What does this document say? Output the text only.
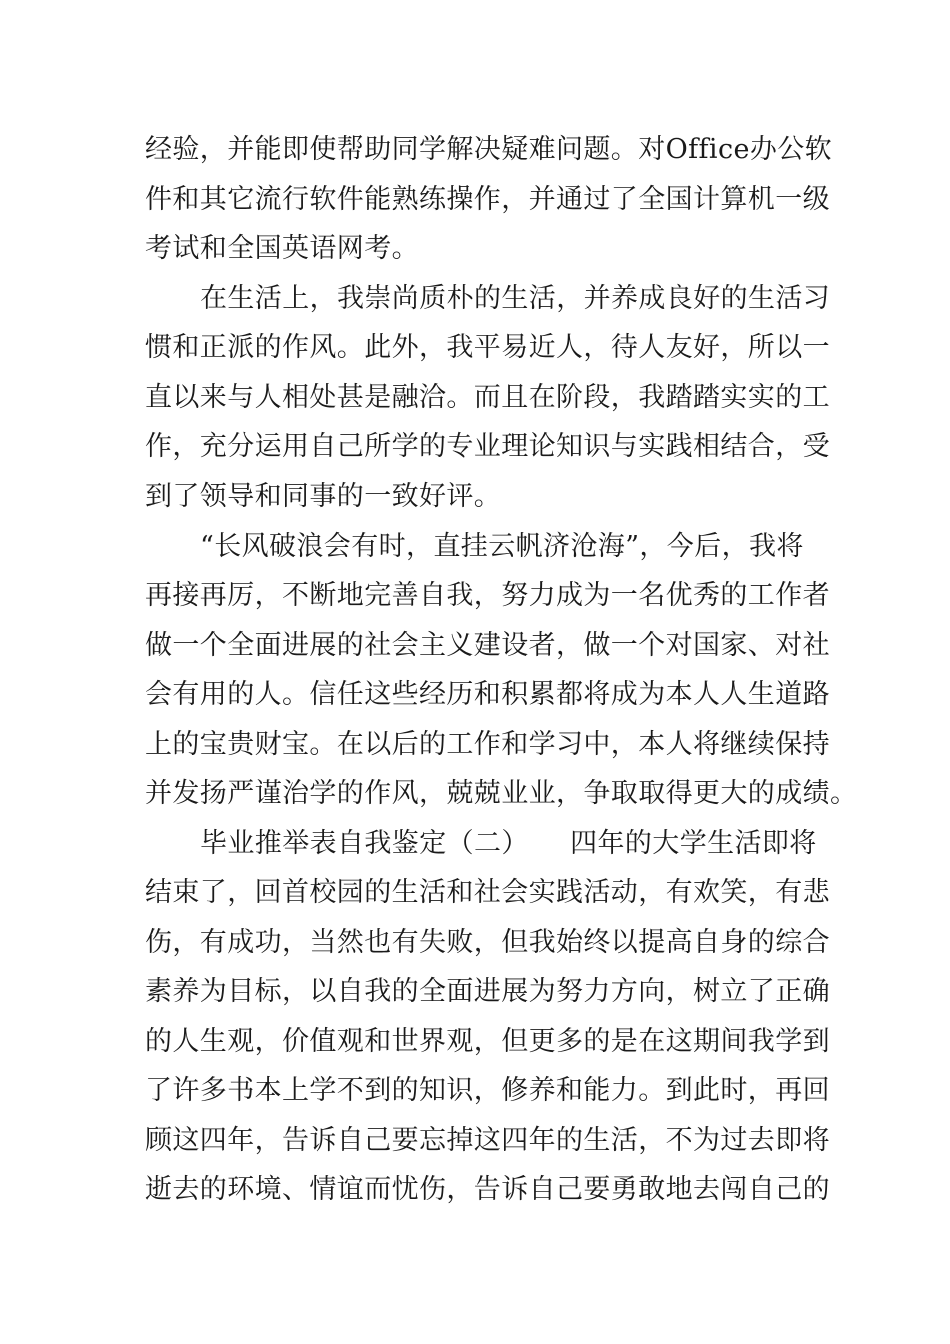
经验，并能即使帮助同学解决疑难问题。对Office办公软
件和其它流行软件能熟练操作，并通过了全国计算机一级
考试和全国英语网考。
在生活上，我崇尚质朴的生活，并养成良好的生活习
惯和正派的作风。此外，我平易近人，待人友好，所以一
直以来与人相处甚是融洽。而且在阶段，我踏踏实实的工
作，充分运用自己所学的专业理论知识与实践相结合，受
到了领导和同事的一致好评。
“长风破浪会有时，直挂云帆济沧海”，今后，我将
再接再厉，不断地完善自我，努力成为一名优秀的工作者
做一个全面进展的社会主义建设者，做一个对国家、对社
会有用的人。信任这些经历和积累都将成为本人人生道路
上的宝贵财宝。在以后的工作和学习中，本人将继续保持
并发扬严谨治学的作风，兢兢业业，争取取得更大的成绩。
毕业推举表自我鉴定（二）　　四年的大学生活即将
结束了，回首校园的生活和社会实践活动，有欢笑，有悲
伤，有成功，当然也有失败，但我始终以提高自身的综合
素养为目标，以自我的全面进展为努力方向，树立了正确
的人生观，价值观和世界观，但更多的是在这期间我学到
了许多书本上学不到的知识，修养和能力。到此时，再回
顾这四年，告诉自己要忘掉这四年的生活，不为过去即将
逝去的环境、情谊而忧伤，告诉自己要勇敢地去闯自己的
